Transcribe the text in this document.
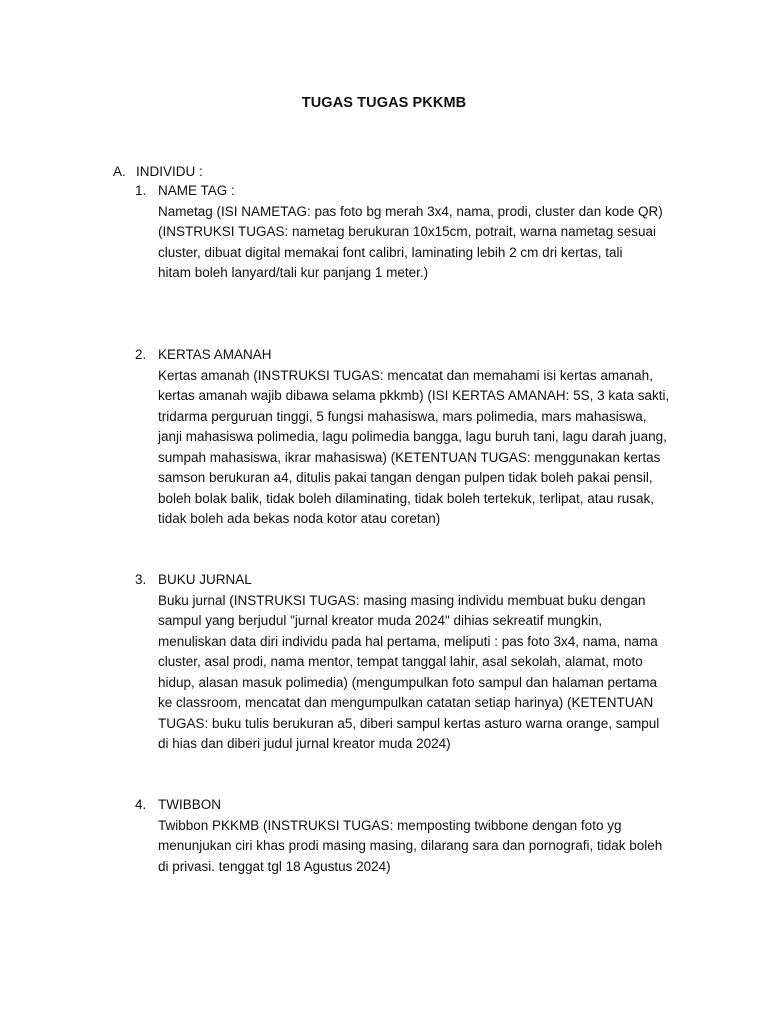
TUGAS TUGAS PKKMB
A. INDIVIDU :
1. NAME TAG :
Nametag (ISI NAMETAG: pas foto bg merah 3x4, nama, prodi, cluster dan kode QR)
(INSTRUKSI TUGAS: nametag berukuran 10x15cm, potrait, warna nametag sesuai
cluster, dibuat digital memakai font calibri, laminating lebih 2 cm dri kertas, tali
hitam boleh lanyard/tali kur panjang 1 meter.)
2. KERTAS AMANAH
Kertas amanah (INSTRUKSI TUGAS: mencatat dan memahami isi kertas amanah,
kertas amanah wajib dibawa selama pkkmb) (ISI KERTAS AMANAH: 5S, 3 kata sakti,
tridarma perguruan tinggi, 5 fungsi mahasiswa, mars polimedia, mars mahasiswa,
janji mahasiswa polimedia, lagu polimedia bangga, lagu buruh tani, lagu darah juang,
sumpah mahasiswa, ikrar mahasiswa) (KETENTUAN TUGAS: menggunakan kertas
samson berukuran a4, ditulis pakai tangan dengan pulpen tidak boleh pakai pensil,
boleh bolak balik, tidak boleh dilaminating, tidak boleh tertekuk, terlipat, atau rusak,
tidak boleh ada bekas noda kotor atau coretan)
3. BUKU JURNAL
Buku jurnal (INSTRUKSI TUGAS: masing masing individu membuat buku dengan
sampul yang berjudul "jurnal kreator muda 2024" dihias sekreatif mungkin,
menuliskan data diri individu pada hal pertama, meliputi : pas foto 3x4, nama, nama
cluster, asal prodi, nama mentor, tempat tanggal lahir, asal sekolah, alamat, moto
hidup, alasan masuk polimedia) (mengumpulkan foto sampul dan halaman pertama
ke classroom, mencatat dan mengumpulkan catatan setiap harinya) (KETENTUAN
TUGAS: buku tulis berukuran a5, diberi sampul kertas asturo warna orange, sampul
di hias dan diberi judul jurnal kreator muda 2024)
4. TWIBBON
Twibbon PKKMB (INSTRUKSI TUGAS: memposting twibbone dengan foto yg
menunjukan ciri khas prodi masing masing, dilarang sara dan pornografi, tidak boleh
di privasi. tenggat tgl 18 Agustus 2024)
